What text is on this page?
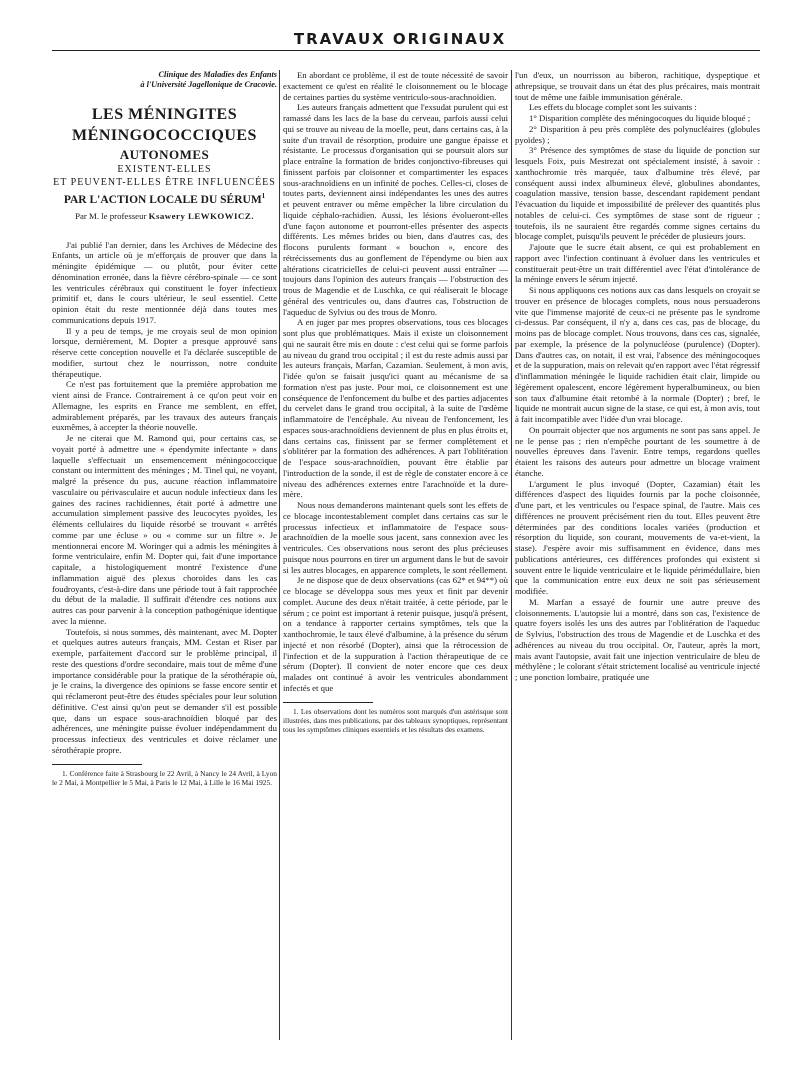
TRAVAUX ORIGINAUX

Clinique des Maladies des Enfants
à l'Université Jagellonique de Cracovie.

LES MÉNINGITES

MÉNINGOCOCCIQUES

AUTONOMES

EXISTENT-ELLES

ET PEUVENT-ELLES ÊTRE INFLUENCÉES

PAR L'ACTION LOCALE DU SÉRUM$^1$

Par M. le professeur Ksawery LEWKOWICZ.

J'ai publié l'an dernier, dans les Archives de Médecine des Enfants, un article où je m'efforçais de prouver que dans la méningite épidémique — ou plutôt, pour éviter cette dénomination erronée, dans la fièvre cérébro-spinale — ce sont les ventricules cérébraux qui constituent le foyer infectieux primitif et, dans le cours ultérieur, le seul essentiel. Cette opinion était du reste mentionnée déjà dans toutes mes communications depuis 1917.

Il y a peu de temps, je me croyais seul de mon opinion lorsque, dernièrement, M. Dopter a presque approuvé sans réserve cette conception nouvelle et l'a déclarée susceptible de modifier, surtout chez le nourrisson, notre conduite thérapeutique.

Ce n'est pas fortuitement que la première approbation me vient ainsi de France. Contrairement à ce qu'on peut voir en Allemagne, les esprits en France me semblent, en effet, admirablement préparés, par les travaux des auteurs français euxmêmes, à accepter la théorie nouvelle.

Je ne citerai que M. Ramond qui, pour certains cas, se voyait porté à admettre une « épendymite infectante » dans laquelle s'effectuait un ensemencement méningococcique constant ou intermittent des méninges ; M. Tinel qui, ne voyant, malgré la présence du pus, aucune réaction inflammatoire vasculaire ou périvasculaire et aucun nodule infectieux dans les gaines des racines rachidiennes, était porté à admettre une accumulation simplement passive des leucocytes pyoïdes, les éléments cellulaires du liquide résorbé se trouvant « arrêtés comme par une écluse » ou « comme sur un filtre ». Je mentionnerai encore M. Woringer qui a admis les méningites à forme ventriculaire, enfin M. Dopter qui, fait d'une importance capitale, a histologiquement montré l'existence d'une inflammation aiguë des plexus choroïdes dans les cas foudroyants, c'est-à-dire dans une période tout à fait rapprochée du début de la maladie. Il suffirait d'étendre ces notions aux autres cas pour parvenir à la conception pathogénique identique avec la mienne.

Toutefois, si nous sommes, dès maintenant, avec M. Dopter et quelques autres auteurs français, MM. Cestan et Riser par exemple, parfaitement d'accord sur le problème principal, il reste des questions d'ordre secondaire, mais tout de même d'une importance considérable pour la pratique de la sérothérapie où, je le crains, la divergence des opinions se fasse encore sentir et qui réclameront peut-être des études spéciales pour leur solution définitive. C'est ainsi qu'on peut se demander s'il est possible que, dans un espace sous-arachnoïdien bloqué par des adhérences, une méningite puisse évoluer indépendamment du processus infectieux des ventricules et doive réclamer une sérothérapie propre.

1. Conférence faite à Strasbourg le 22 Avril, à Nancy le 24 Avril, à Lyon le 2 Mai, à Montpellier le 5 Mai, à Paris le 12 Mai, à Lille le 16 Mai 1925.

En abordant ce problème, il est de toute nécessité de savoir exactement ce qu'est en réalité le cloisonnement ou le blocage de certaines parties du système ventriculo-sous-arachnoïdien.

Les auteurs français admettent que l'exsudat purulent qui est ramassé dans les lacs de la base du cerveau, parfois aussi celui qui se trouve au niveau de la moelle, peut, dans certains cas, à la suite d'un travail de résorption, produire une gangue épaisse et résistante. Le processus d'organisation qui se poursuit alors sur place entraîne la formation de brides conjonctivo-fibreuses qui finissent parfois par cloisonner et compartimenter les espaces sous-arachnoïdiens en un infinité de poches. Celles-ci, closes de toutes parts, deviennent ainsi indépendantes les unes des autres et peuvent entraver ou même empêcher la libre circulation du liquide céphalo-rachidien. Aussi, les lésions évolueront-elles d'une façon autonome et pourront-elles présenter des aspects différents. Les mêmes brides ou bien, dans d'autres cas, des flocons purulents formant « bouchon », encore des rétrécissements dus au gonflement de l'épendyme ou bien aux altérations cicatricielles de celui-ci peuvent aussi entraîner — toujours dans l'opinion des auteurs français — l'obstruction des trous de Magendie et de Luschka, ce qui réaliserait le blocage général des ventricules ou, dans d'autres cas, l'obstruction de l'aqueduc de Sylvius ou des trous de Monro.

A en juger par mes propres observations, tous ces blocages sont plus que problématiques. Mais il existe un cloisonnement qui ne saurait être mis en doute : c'est celui qui se forme parfois au niveau du grand trou occipital ; il est du reste admis aussi par les auteurs français, Marfan, Cazamian. Seulement, à mon avis, l'idée qu'on se faisait jusqu'ici quant au mécanisme de sa formation n'est pas juste. Pour moi, ce cloisonnement est une conséquence de l'enfoncement du bulbe et des parties adjacentes du cervelet dans le grand trou occipital, à la suite de l'œdème inflammatoire de l'encéphale. Au niveau de l'enfoncement, les espaces sous-arachnoïdiens deviennent de plus en plus étroits et, dans certains cas, finissent par se fermer complètement et s'oblitérer par la formation des adhérences. A part l'oblitération de l'espace sous-arachnoïdien, pouvant être établie par l'introduction de la sonde, il est de règle de constater encore à ce niveau des adhérences externes entre l'arachnoïde et la dure-mère.

Nous nous demanderons maintenant quels sont les effets de ce blocage incontestablement complet dans certains cas sur le processus infectieux et inflammatoire de l'espace sous-arachnoïdien de la moelle sous jacent, sans connexion avec les ventricules. Ces observations nous seront des plus précieuses puisque nous pourrons en tirer un argument dans le but de savoir si les autres blocages, en apparence complets, le sont réellement.

Je ne dispose que de deux observations (cas 62* et 94**) où ce blocage se développa sous mes yeux et finit par devenir complet. Aucune des deux n'était traitée, à cette période, par le sérum ; ce point est important à retenir puisque, jusqu'à présent, on a tendance à rapporter certains symptômes, tels que la xanthochromie, le taux élevé d'albumine, à la présence du sérum injecté et non résorbé (Dopter), ainsi que la rétrocession de l'infection et de la suppuration à l'action thérapeutique de ce sérum (Dopter). Il convient de noter encore que ces deux malades ont continué à avoir les ventricules abondamment infectés et que

1. Les observations dont les numéros sont marqués d'un astérisque sont illustrées, dans mes publications, par des tableaux synoptiques, représentant tous les symptômes cliniques essentiels et les résultats des examens.

l'un d'eux, un nourrisson au biberon, rachitique, dyspeptique et athrepsique, se trouvait dans un état des plus précaires, mais montrait tout de même une faible immunisation générale.

Les effets du blocage complet sont les suivants :

1° Disparition complète des méningocoques du liquide bloqué ;

2° Disparition à peu près complète des polynucléaires (globules pyoïdes) ;

3° Présence des symptômes de stase du liquide de ponction sur lesquels Foix, puis Mestrezat ont spécialement insisté, à savoir : xanthochromie très marquée, taux d'albumine très élevé, par conséquent aussi index albumineux élevé, globulines abondantes, coagulation massive, tension basse, descendant rapidement pendant l'évacuation du liquide et impossibilité de prélever des quantités plus notables de celui-ci. Ces symptômes de stase sont de rigueur ; toutefois, ils ne sauraient être regardés comme signes certains du blocage complet, puisqu'ils peuvent le précéder de plusieurs jours.

J'ajoute que le sucre était absent, ce qui est probablement en rapport avec l'infection continuant à évoluer dans les ventricules et constituerait peut-être un trait différentiel avec l'état d'intolérance de la méninge envers le sérum injecté.

Si nous appliquons ces notions aux cas dans lesquels on croyait se trouver en présence de blocages complets, nous nous persuaderons vite que l'immense majorité de ceux-ci ne présente pas le syndrome ci-dessus. Par conséquent, il n'y a, dans ces cas, pas de blocage, du moins pas de blocage complet. Nous trouvons, dans ces cas, signalée, par exemple, la présence de la polynucléose (purulence) (Dopter). Dans d'autres cas, on notait, il est vrai, l'absence des méningocoques et de la suppuration, mais on relevait qu'en rapport avec l'état régressif d'inflammation méningée le liquide rachidien était clair, limpide ou légèrement opalescent, encore légèrement hyperalbumineux, ou bien son taux d'albumine était retombé à la normale (Dopter) ; bref, le liquide ne montrait aucun signe de la stase, ce qui est, à mon avis, tout à fait incompatible avec l'idée d'un vrai blocage.

On pourrait objecter que nos arguments ne sont pas sans appel. Je ne le pense pas ; rien n'empêche pourtant de les soumettre à de nouvelles épreuves dans l'avenir. Entre temps, regardons quelles étaient les raisons des auteurs pour admettre un blocage vraiment étanche.

L'argument le plus invoqué (Dopter, Cazamian) était les différences d'aspect des liquides fournis par la poche cloisonnée, d'une part, et les ventricules ou l'espace spinal, de l'autre. Mais ces différences ne prouvent précisément rien du tout. Elles peuvent être déterminées par des conditions locales variées (production et résorption du liquide, son courant, mouvements de va-et-vient, la stase). J'espère avoir mis suffisamment en évidence, dans mes publications antérieures, ces différences profondes qui existent si souvent entre le liquide ventriculaire et le liquide périmédullaire, bien que la communication entre eux deux ne soit pas sérieusement modifiée.

M. Marfan a essayé de fournir une autre preuve des cloisonnements. L'autopsie lui a montré, dans son cas, l'existence de quatre foyers isolés les uns des autres par l'oblitération de l'aqueduc de Sylvius, l'obstruction des trous de Magendie et de Luschka et des adhérences au niveau du trou occipital. Or, l'auteur, après la mort, mais avant l'autopsie, avait fait une injection ventriculaire de bleu de méthylène ; le colorant s'était strictement localisé au ventricule injecté ; une ponction lombaire, pratiquée une
